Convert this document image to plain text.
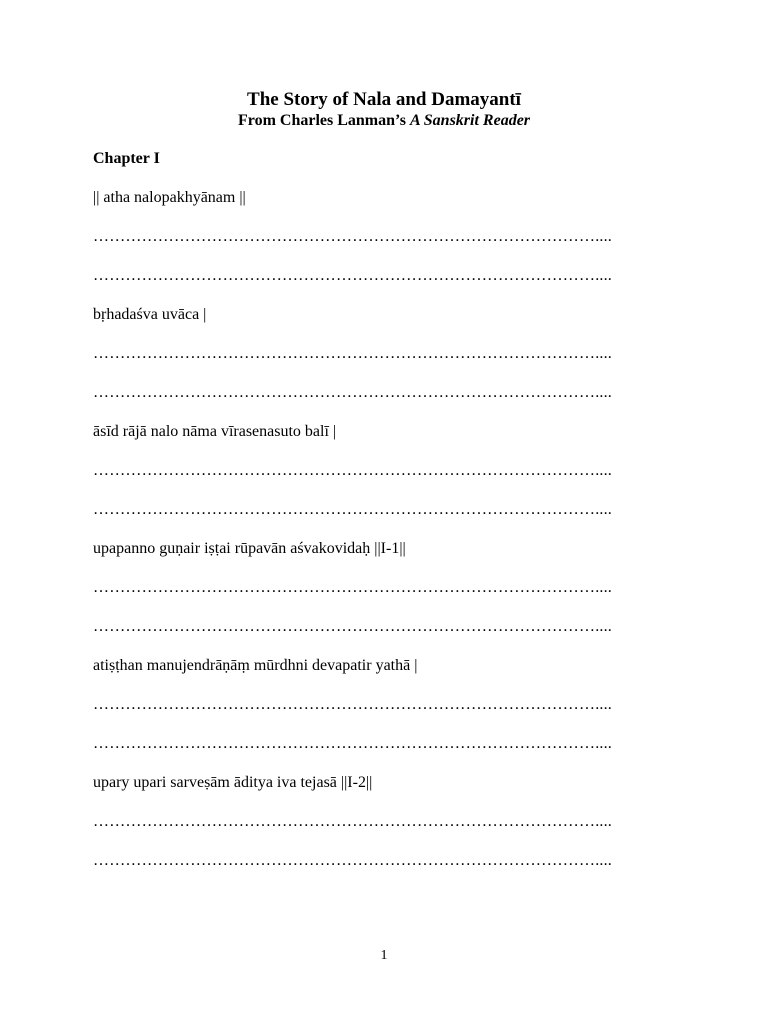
The Story of Nala and Damayantī
From Charles Lanman’s A Sanskrit Reader
Chapter I
|| atha nalopakhyānam ||
…………………………………………………………………………………....
…………………………………………………………………………………....
bṛhadaśva uvāca |
…………………………………………………………………………………....
…………………………………………………………………………………....
āsīd rājā nalo nāma vīrasenasuto balī |
…………………………………………………………………………………....
…………………………………………………………………………………....
upapanno guṇair iṣṭai rūpavān aśvakovidaḥ ||I-1||
…………………………………………………………………………………....
…………………………………………………………………………………....
atiṣṭhan manujendrāṇāṃ mūrdhni devapatir yathā |
…………………………………………………………………………………....
…………………………………………………………………………………....
upary upari sarveṣām āditya iva tejasā ||I-2||
…………………………………………………………………………………....
…………………………………………………………………………………....
1
